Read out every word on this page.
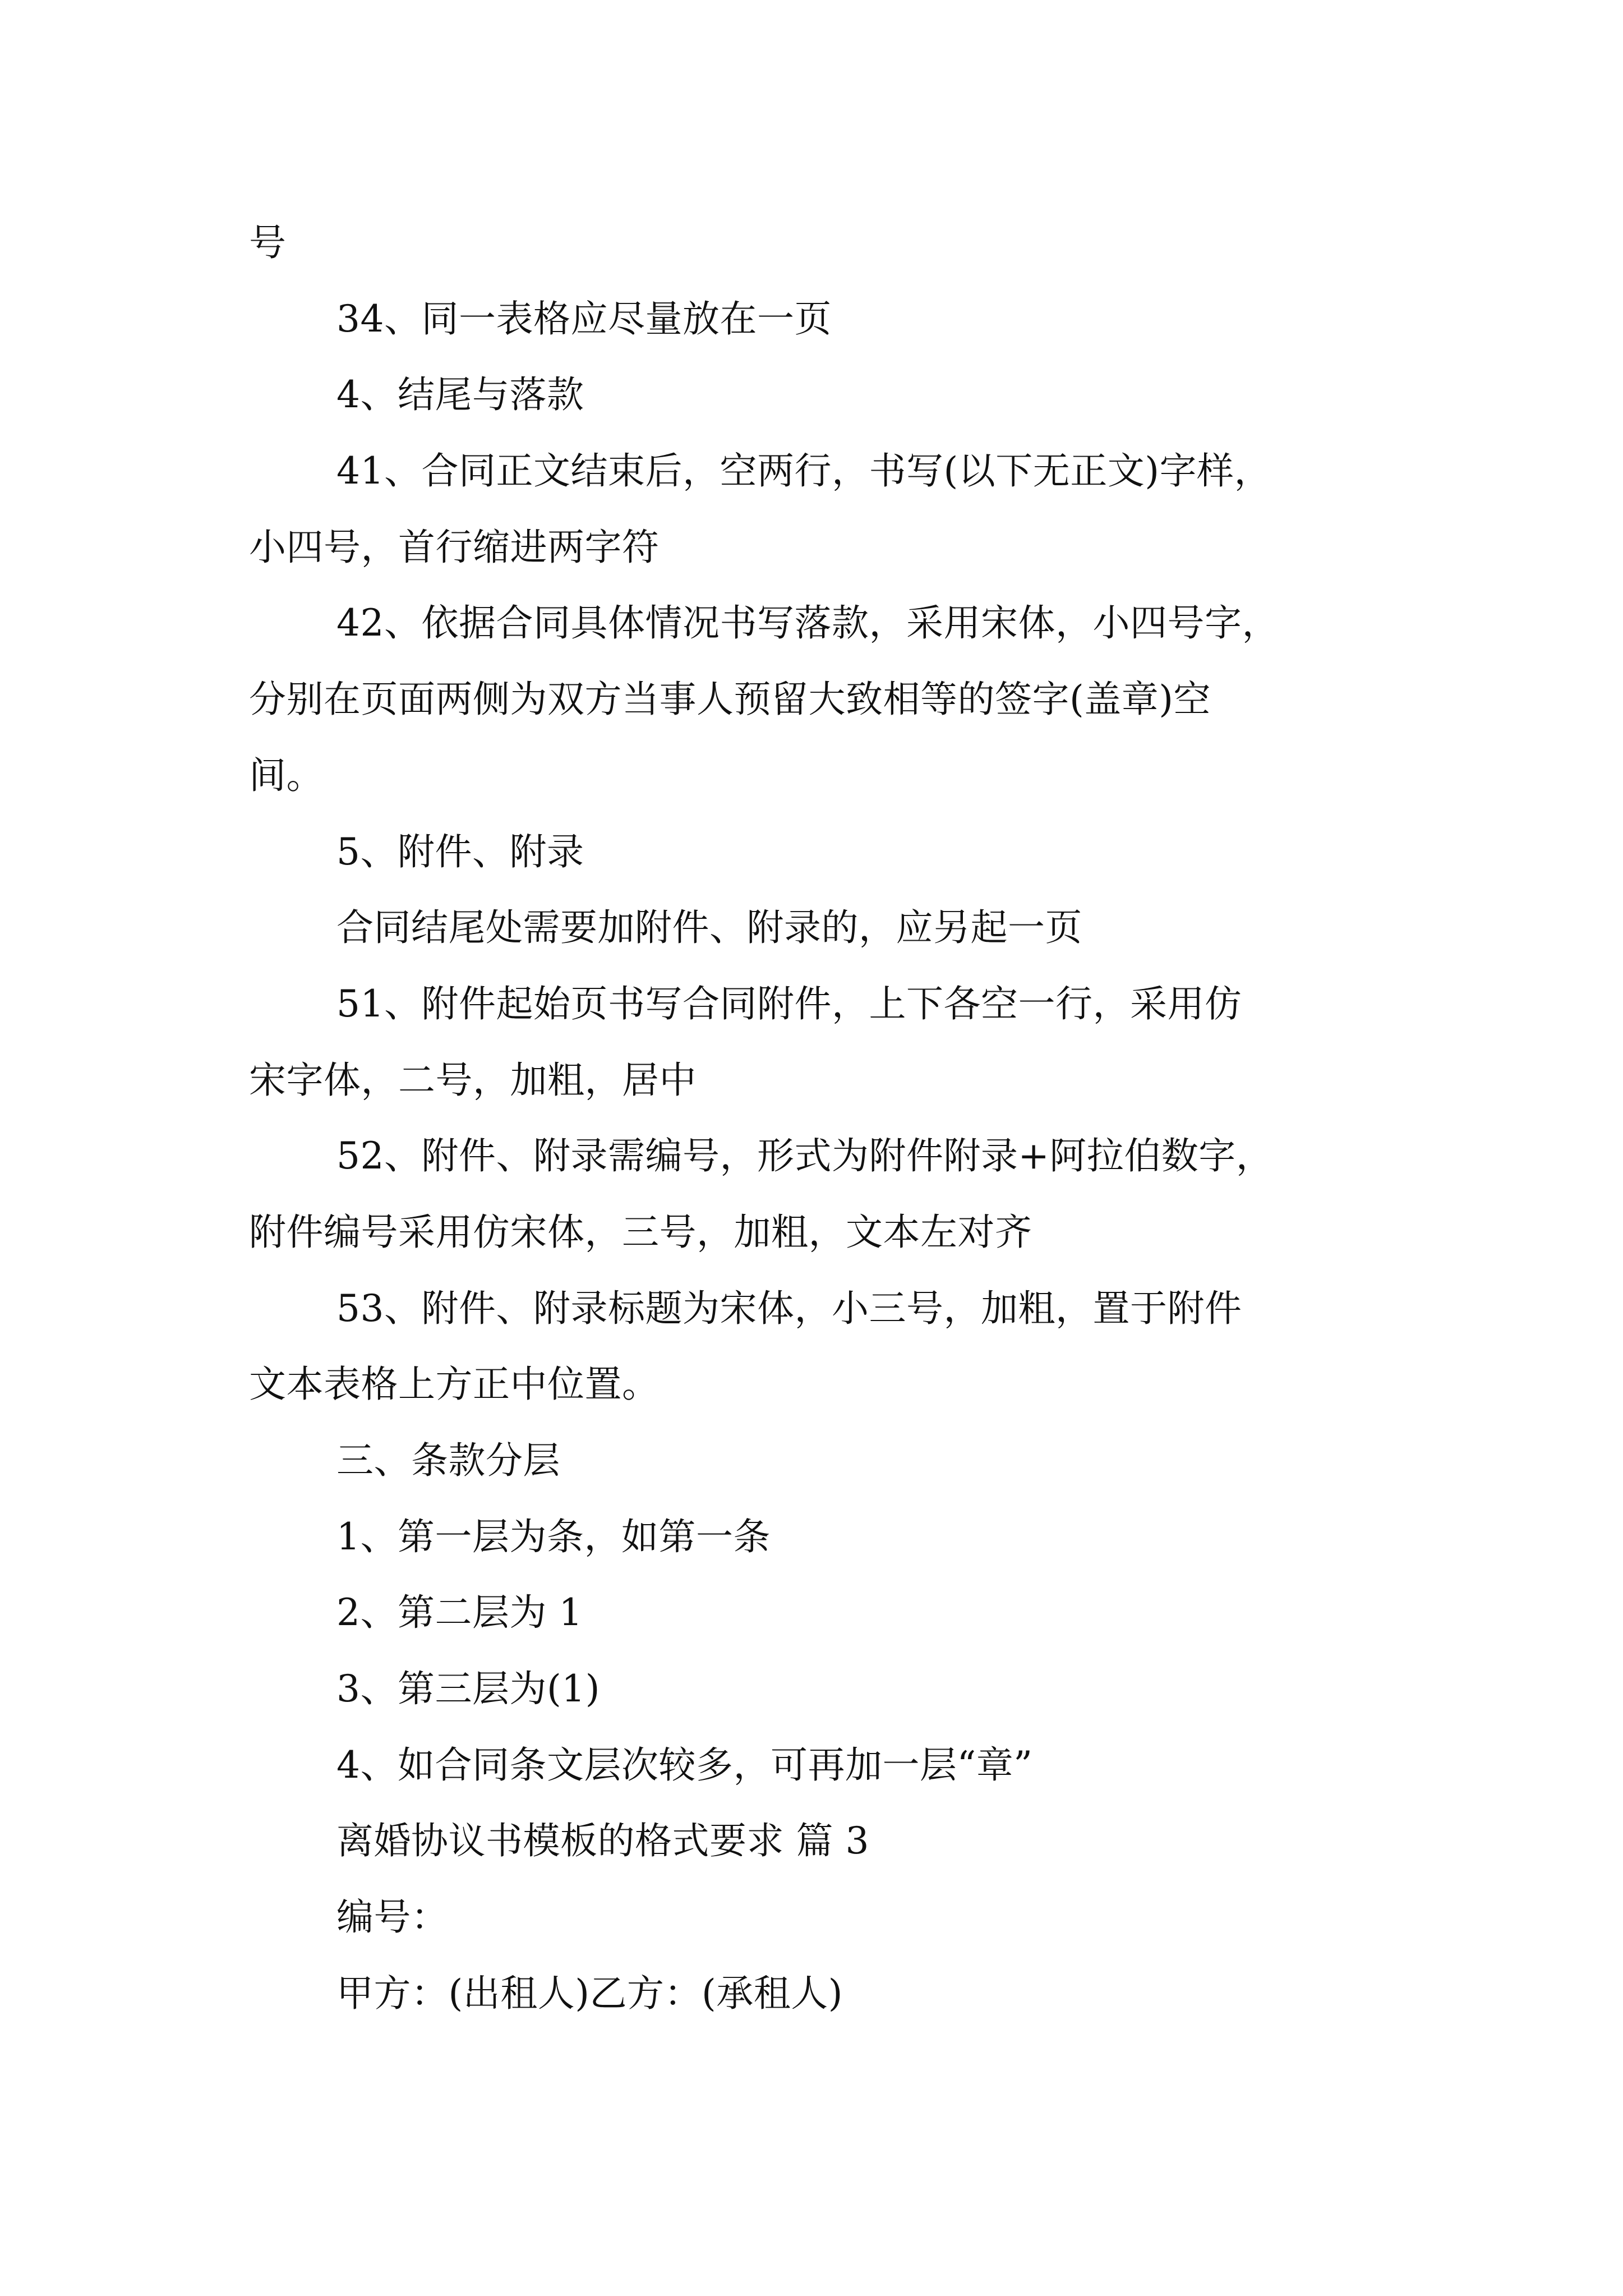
号
34、同一表格应尽量放在一页
4、结尾与落款
41、合同正文结束后，空两行，书写(以下无正文)字样，
小四号，首行缩进两字符
42、依据合同具体情况书写落款，采用宋体，小四号字，
分别在页面两侧为双方当事人预留大致相等的签字(盖章)空
间。
5、附件、附录
合同结尾处需要加附件、附录的，应另起一页
51、附件起始页书写合同附件，上下各空一行，采用仿
宋字体，二号，加粗，居中
52、附件、附录需编号，形式为附件附录+阿拉伯数字，
附件编号采用仿宋体，三号，加粗，文本左对齐
53、附件、附录标题为宋体，小三号，加粗，置于附件
文本表格上方正中位置。
三、条款分层
1、第一层为条，如第一条
2、第二层为 1
3、第三层为(1)
4、如合同条文层次较多，可再加一层“章”
离婚协议书模板的格式要求 篇 3
编号：
甲方：(出租人)乙方：(承租人)
